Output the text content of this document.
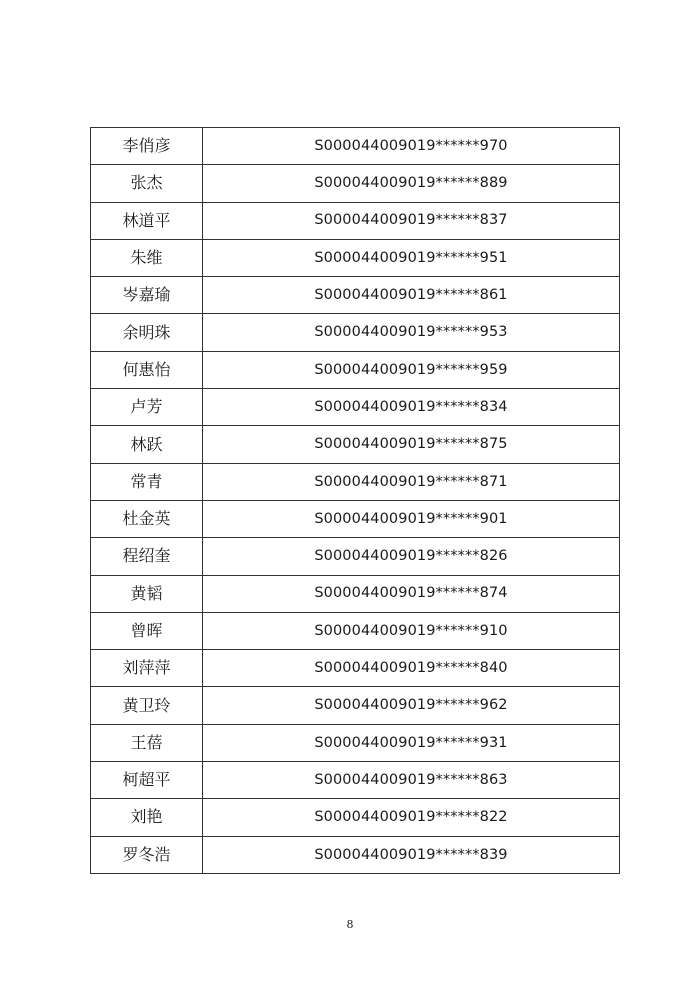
李俏彦	S000044009019******970
张杰	S000044009019******889
林道平	S000044009019******837
朱维	S000044009019******951
岑嘉瑜	S000044009019******861
余明珠	S000044009019******953
何惠怡	S000044009019******959
卢芳	S000044009019******834
林跃	S000044009019******875
常青	S000044009019******871
杜金英	S000044009019******901
程绍奎	S000044009019******826
黄韬	S000044009019******874
曾晖	S000044009019******910
刘萍萍	S000044009019******840
黄卫玲	S000044009019******962
王蓓	S000044009019******931
柯超平	S000044009019******863
刘艳	S000044009019******822
罗冬浩	S000044009019******839
8
